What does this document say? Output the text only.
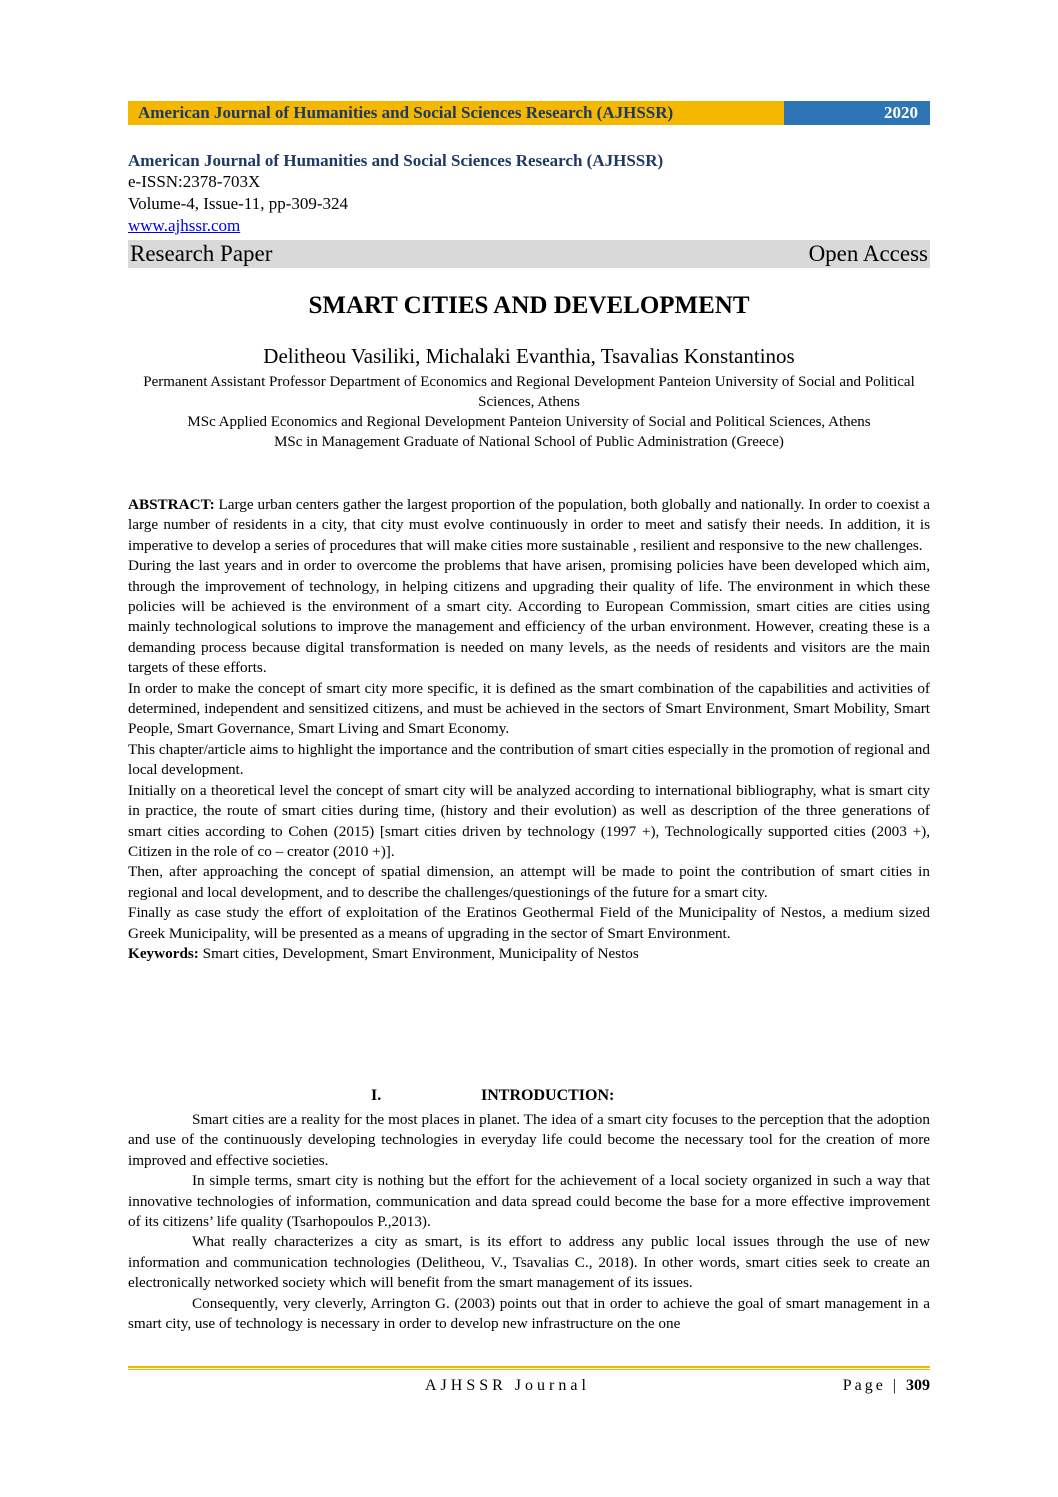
American Journal of Humanities and Social Sciences Research (AJHSSR)	2020
American Journal of Humanities and Social Sciences Research (AJHSSR)
e-ISSN:2378-703X
Volume-4, Issue-11, pp-309-324
www.ajhssr.com
Research Paper	Open Access
SMART CITIES AND DEVELOPMENT
Delitheou Vasiliki, Michalaki Evanthia, Tsavalias Konstantinos
Permanent Assistant Professor Department of Economics and Regional Development Panteion University of Social and Political Sciences, Athens
MSc Applied Economics and Regional Development Panteion University of Social and Political Sciences, Athens
MSc in Management Graduate of National School of Public Administration (Greece)

ABSTRACT: Large urban centers gather the largest proportion of the population, both globally and nationally. In order to coexist a large number of residents in a city, that city must evolve continuously in order to meet and satisfy their needs. In addition, it is imperative to develop a series of procedures that will make cities more sustainable , resilient and responsive to the new challenges.

During the last years and in order to overcome the problems that have arisen, promising policies have been developed which aim, through the improvement of technology, in helping citizens and upgrading their quality of life. The environment in which these policies will be achieved is the environment of a smart city. According to European Commission, smart cities are cities using mainly technological solutions to improve the management and efficiency of the urban environment. However, creating these is a demanding process because digital transformation is needed on many levels, as the needs of residents and visitors are the main targets of these efforts.

In order to make the concept of smart city more specific, it is defined as the smart combination of the capabilities and activities of determined, independent and sensitized citizens, and must be achieved in the sectors of Smart Environment, Smart Mobility, Smart People, Smart Governance, Smart Living and Smart Economy.

This chapter/article aims to highlight the importance and the contribution of smart cities especially in the promotion of regional and local development.

Initially on a theoretical level the concept of smart city will be analyzed according to international bibliography, what is smart city in practice, the route of smart cities during time, (history and their evolution) as well as description of the three generations of smart cities according to Cohen (2015) [smart cities driven by technology (1997 +), Technologically supported cities (2003 +), Citizen in the role of co – creator (2010 +)].

Then, after approaching the concept of spatial dimension, an attempt will be made to point the contribution of smart cities in regional and local development, and to describe the challenges/questionings of the future for a smart city.

Finally as case study the effort of exploitation of the Eratinos Geothermal Field of the Municipality of Nestos, a medium sized Greek Municipality, will be presented as a means of upgrading in the sector of Smart Environment.

Keywords: Smart cities, Development, Smart Environment, Municipality of Nestos

I.	INTRODUCTION:

Smart cities are a reality for the most places in planet. The idea of a smart city focuses to the perception that the adoption and use of the continuously developing technologies in everyday life could become the necessary tool for the creation of more improved and effective societies.

In simple terms, smart city is nothing but the effort for the achievement of a local society organized in such a way that innovative technologies of information, communication and data spread could become the base for a more effective improvement of its citizens’ life quality (Tsarhopoulos P.,2013).

What really characterizes a city as smart, is its effort to address any public local issues through the use of new information and communication technologies (Delitheou, V., Tsavalias C., 2018). In other words, smart cities seek to create an electronically networked society which will benefit from the smart management of its issues.

Consequently, very cleverly, Arrington G. (2003) points out that in order to achieve the goal of smart management in a smart city, use of technology is necessary in order to develop new infrastructure on the one

AJHSSR Journal	Page | 309
